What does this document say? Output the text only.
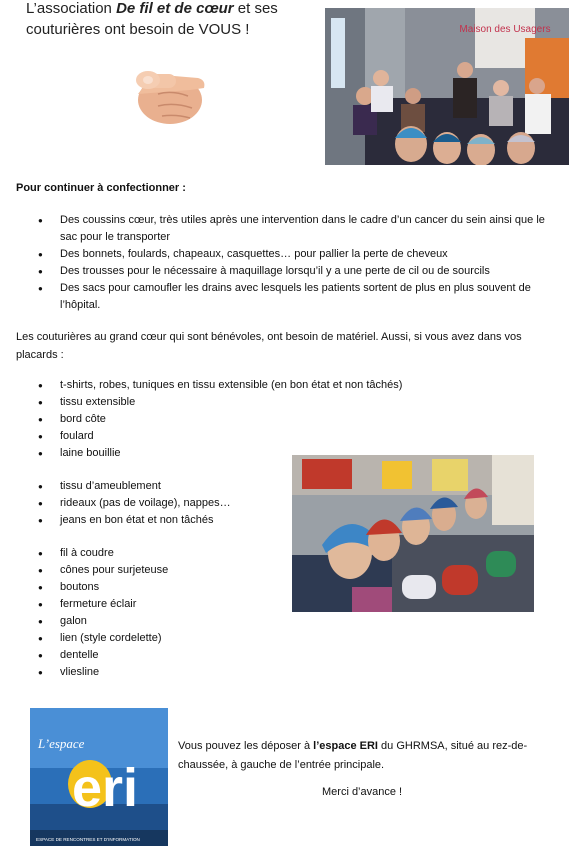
L’association De fil et de cœur et ses couturières ont besoin de VOUS !	Maison des Usagers
Pour continuer à confectionner :
● Des coussins cœur, très utiles après une intervention dans le cadre d’un cancer du sein ainsi que le sac pour le transporter
● Des bonnets, foulards, chapeaux, casquettes… pour pallier la perte de cheveux
● Des trousses pour le nécessaire à maquillage lorsqu’il y a une perte de cil ou de sourcils
● Des sacs pour camoufler les drains avec lesquels les patients sortent de plus en plus souvent de l’hôpital.
Les couturières au grand cœur qui sont bénévoles, ont besoin de matériel. Aussi, si vous avez dans vos placards :
● t-shirts, robes, tuniques en tissu extensible (en bon état et non tâchés)
● tissu extensible
● bord côte
● foulard
● laine bouillie
● tissu d’ameublement
● rideaux (pas de voilage), nappes…
● jeans en bon état et non tâchés
● fil à coudre
● cônes pour surjeteuse
● boutons
● fermeture éclair
● galon
● lien (style cordelette)
● dentelle
● vliesline
L’espace
eri
ESPACE DE RENCONTRES ET D’INFORMATION
Vous pouvez les déposer à l’espace ERI du GHRMSA, situé au rez-de-chaussée, à gauche de l’entrée principale.
Merci d’avance !
